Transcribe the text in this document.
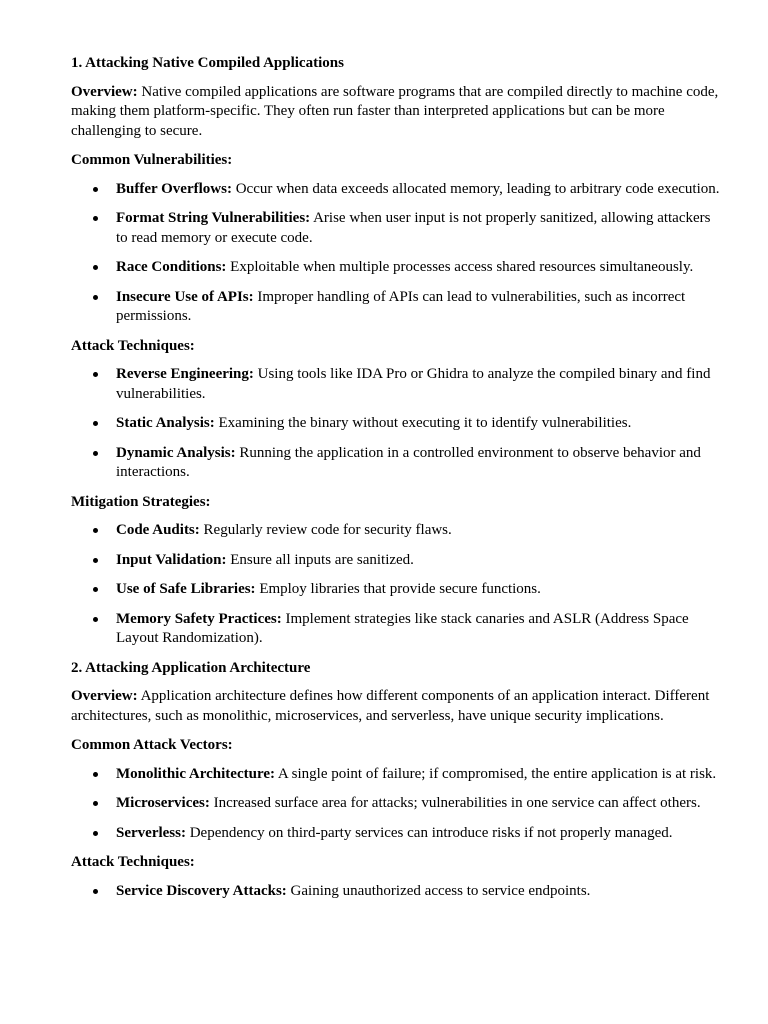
1. Attacking Native Compiled Applications
Overview: Native compiled applications are software programs that are compiled directly to machine code, making them platform-specific. They often run faster than interpreted applications but can be more challenging to secure.
Common Vulnerabilities:
Buffer Overflows: Occur when data exceeds allocated memory, leading to arbitrary code execution.
Format String Vulnerabilities: Arise when user input is not properly sanitized, allowing attackers to read memory or execute code.
Race Conditions: Exploitable when multiple processes access shared resources simultaneously.
Insecure Use of APIs: Improper handling of APIs can lead to vulnerabilities, such as incorrect permissions.
Attack Techniques:
Reverse Engineering: Using tools like IDA Pro or Ghidra to analyze the compiled binary and find vulnerabilities.
Static Analysis: Examining the binary without executing it to identify vulnerabilities.
Dynamic Analysis: Running the application in a controlled environment to observe behavior and interactions.
Mitigation Strategies:
Code Audits: Regularly review code for security flaws.
Input Validation: Ensure all inputs are sanitized.
Use of Safe Libraries: Employ libraries that provide secure functions.
Memory Safety Practices: Implement strategies like stack canaries and ASLR (Address Space Layout Randomization).
2. Attacking Application Architecture
Overview: Application architecture defines how different components of an application interact. Different architectures, such as monolithic, microservices, and serverless, have unique security implications.
Common Attack Vectors:
Monolithic Architecture: A single point of failure; if compromised, the entire application is at risk.
Microservices: Increased surface area for attacks; vulnerabilities in one service can affect others.
Serverless: Dependency on third-party services can introduce risks if not properly managed.
Attack Techniques:
Service Discovery Attacks: Gaining unauthorized access to service endpoints.
